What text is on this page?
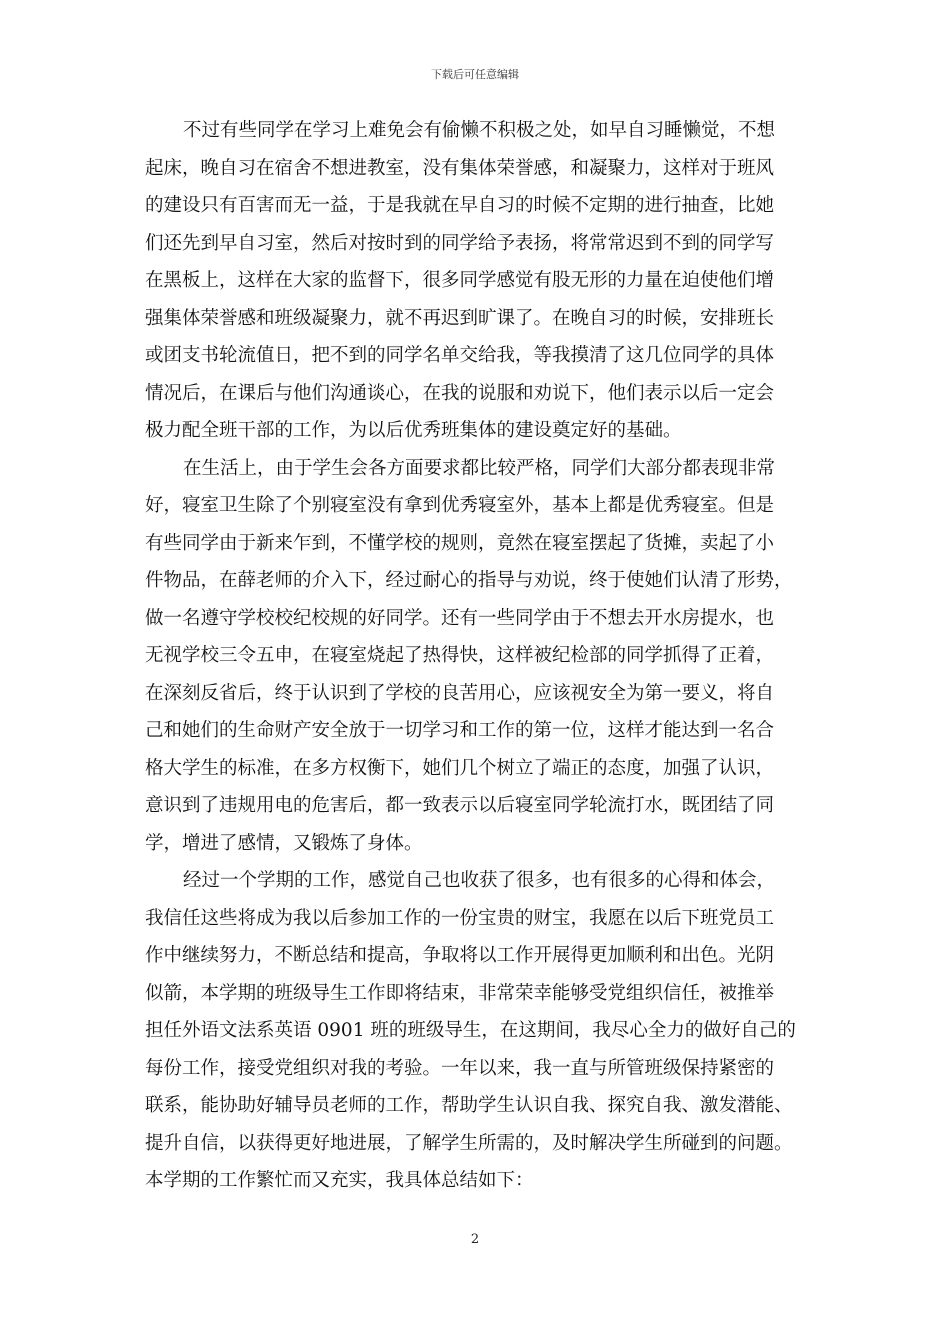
下载后可任意编辑
不过有些同学在学习上难免会有偷懒不积极之处，如早自习睡懒觉，不想
起床，晚自习在宿舍不想进教室，没有集体荣誉感，和凝聚力，这样对于班风
的建设只有百害而无一益，于是我就在早自习的时候不定期的进行抽查，比她
们还先到早自习室，然后对按时到的同学给予表扬，将常常迟到不到的同学写
在黑板上，这样在大家的监督下，很多同学感觉有股无形的力量在迫使他们增
强集体荣誉感和班级凝聚力，就不再迟到旷课了。在晚自习的时候，安排班长
或团支书轮流值日，把不到的同学名单交给我，等我摸清了这几位同学的具体
情况后，在课后与他们沟通谈心，在我的说服和劝说下，他们表示以后一定会
极力配全班干部的工作，为以后优秀班集体的建设奠定好的基础。
在生活上，由于学生会各方面要求都比较严格，同学们大部分都表现非常
好，寝室卫生除了个别寝室没有拿到优秀寝室外，基本上都是优秀寝室。但是
有些同学由于新来乍到，不懂学校的规则，竟然在寝室摆起了货摊，卖起了小
件物品，在薛老师的介入下，经过耐心的指导与劝说，终于使她们认清了形势，
做一名遵守学校校纪校规的好同学。还有一些同学由于不想去开水房提水，也
无视学校三令五申，在寝室烧起了热得快，这样被纪检部的同学抓得了正着，
在深刻反省后，终于认识到了学校的良苦用心，应该视安全为第一要义，将自
己和她们的生命财产安全放于一切学习和工作的第一位，这样才能达到一名合
格大学生的标准，在多方权衡下，她们几个树立了端正的态度，加强了认识，
意识到了违规用电的危害后，都一致表示以后寝室同学轮流打水，既团结了同
学，增进了感情，又锻炼了身体。
经过一个学期的工作，感觉自己也收获了很多，也有很多的心得和体会，
我信任这些将成为我以后参加工作的一份宝贵的财宝，我愿在以后下班党员工
作中继续努力，不断总结和提高，争取将以工作开展得更加顺利和出色。光阴
似箭，本学期的班级导生工作即将结束，非常荣幸能够受党组织信任，被推举
担任外语文法系英语 0901 班的班级导生，在这期间，我尽心全力的做好自己的
每份工作，接受党组织对我的考验。一年以来，我一直与所管班级保持紧密的
联系，能协助好辅导员老师的工作，帮助学生认识自我、探究自我、激发潜能、
提升自信，以获得更好地进展，了解学生所需的，及时解决学生所碰到的问题。
本学期的工作繁忙而又充实，我具体总结如下：
2
